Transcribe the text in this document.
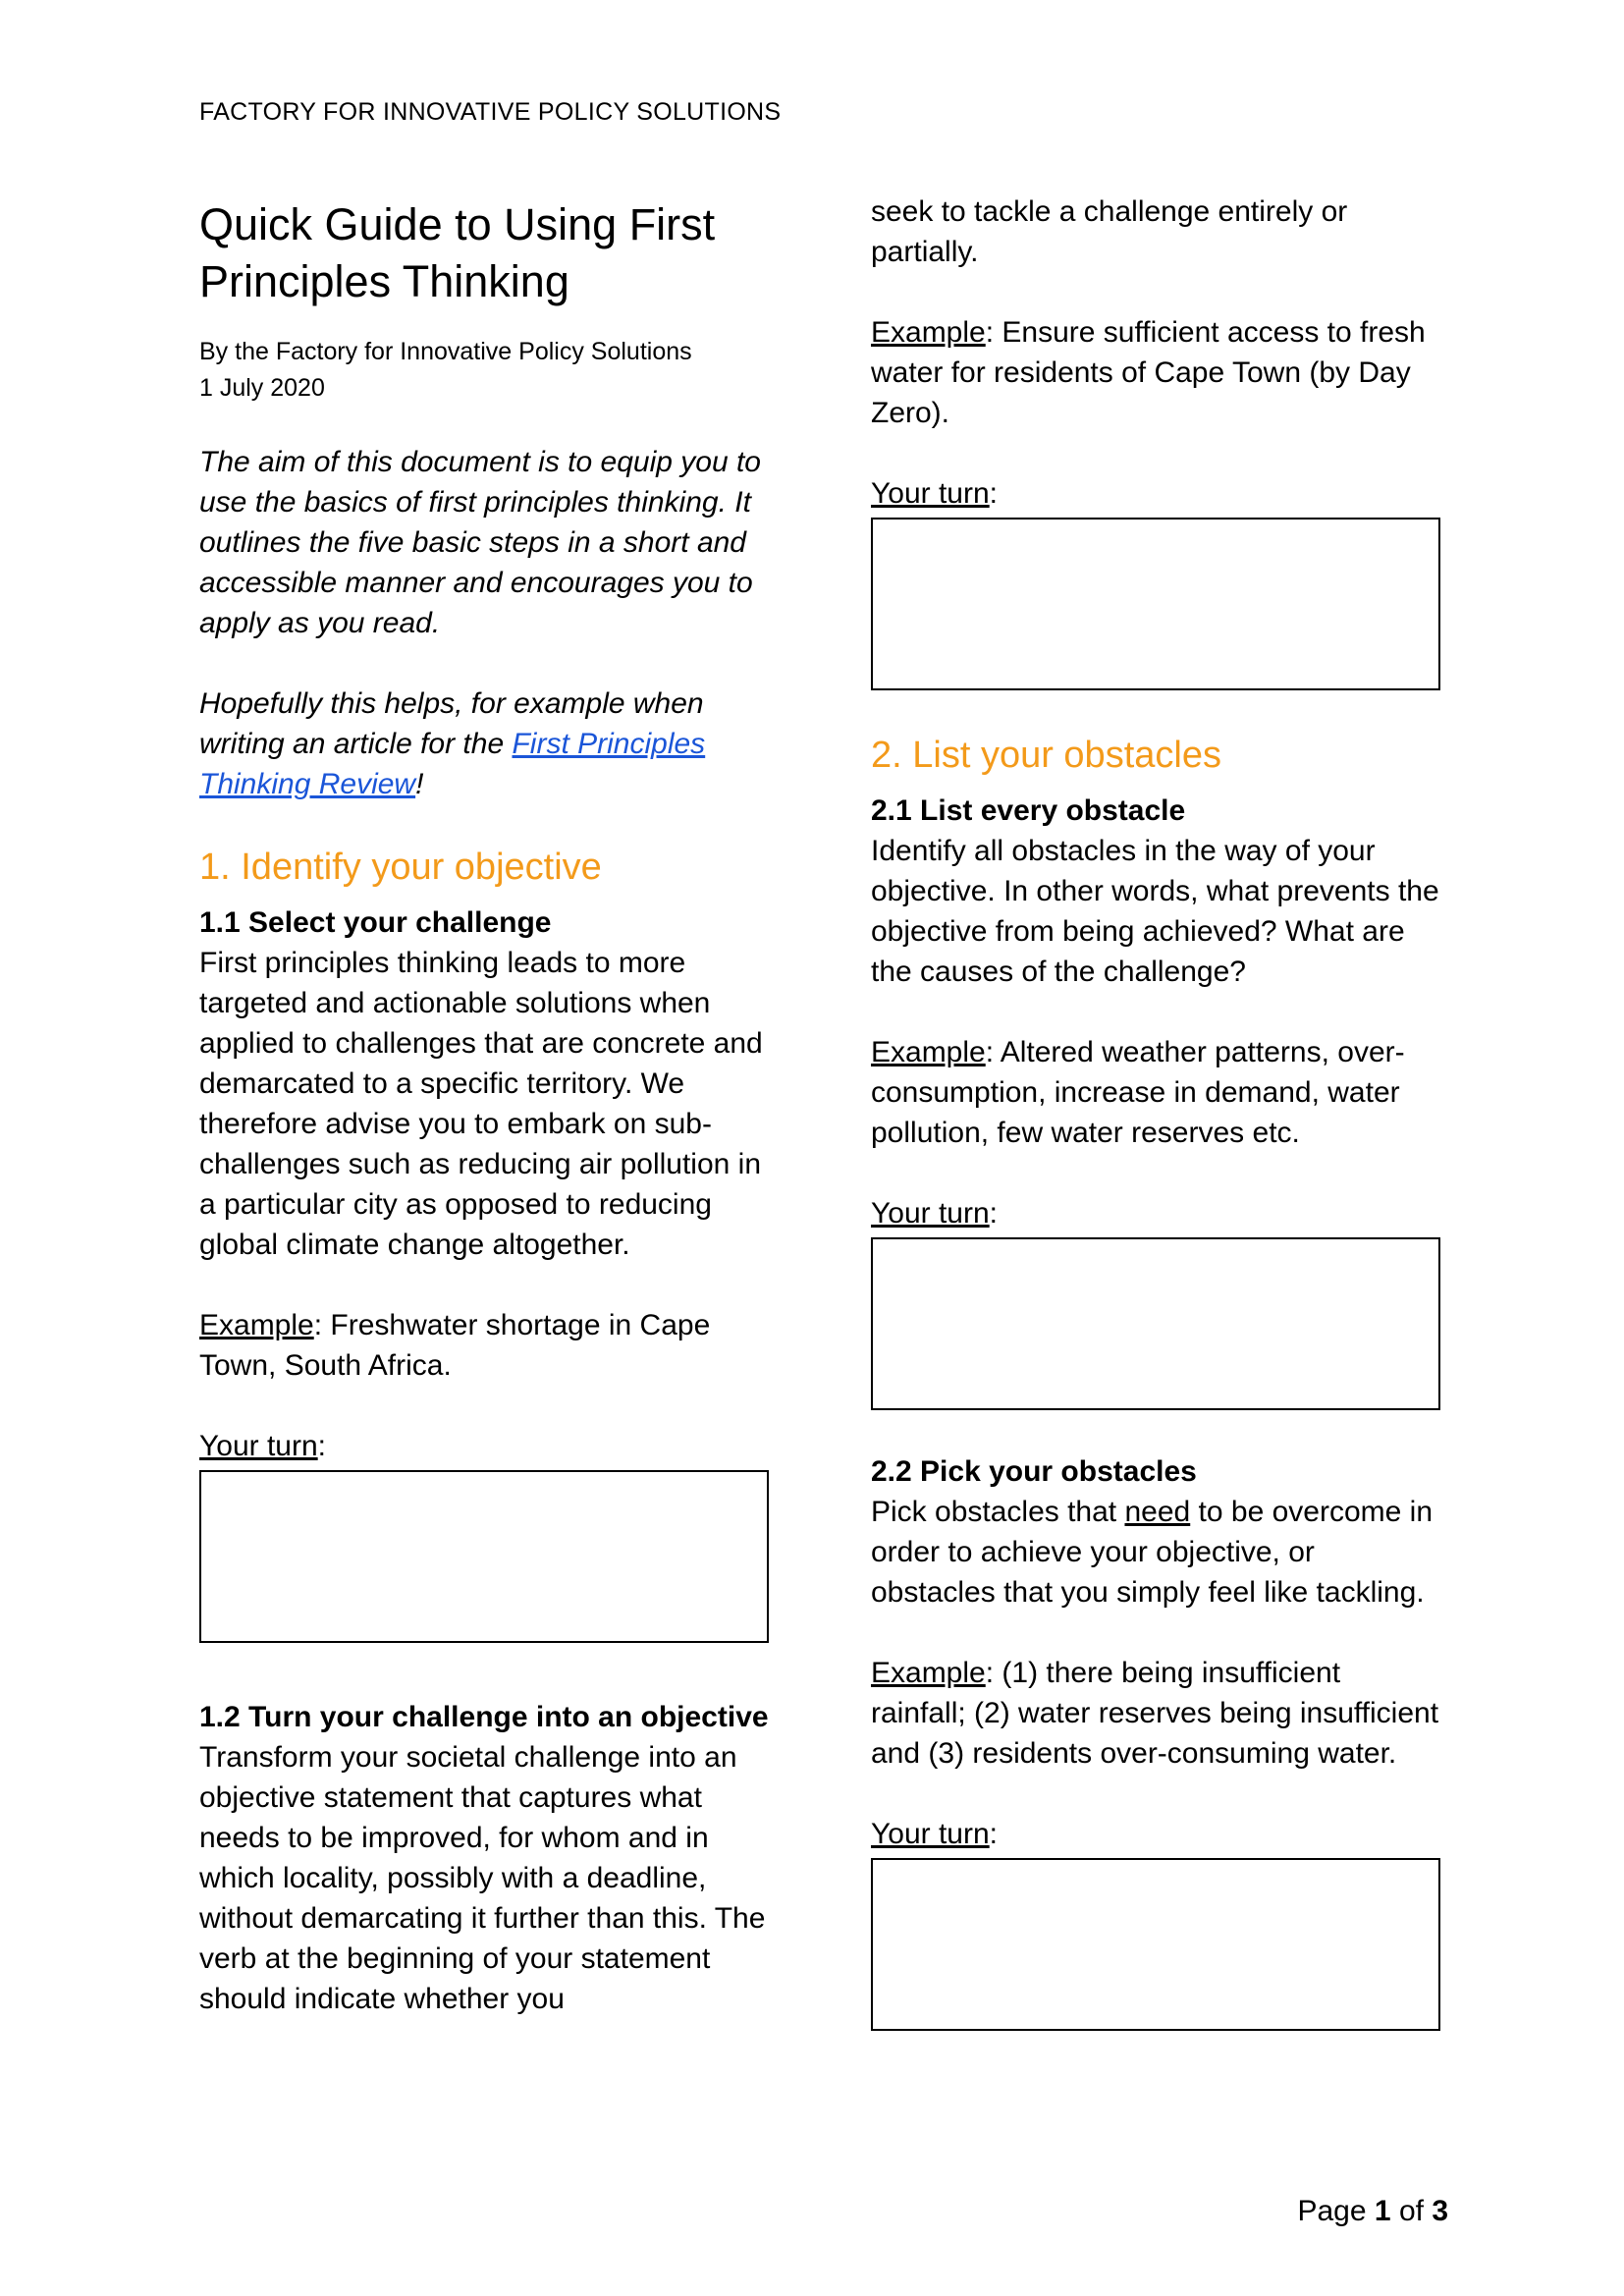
FACTORY FOR INNOVATIVE POLICY SOLUTIONS
Quick Guide to Using First Principles Thinking
By the Factory for Innovative Policy Solutions
1 July 2020

The aim of this document is to equip you to use the basics of first principles thinking. It outlines the five basic steps in a short and accessible manner and encourages you to apply as you read.

Hopefully this helps, for example when writing an article for the First Principles Thinking Review!

1. Identify your objective
1.1 Select your challenge

First principles thinking leads to more targeted and actionable solutions when applied to challenges that are concrete and demarcated to a specific territory. We therefore advise you to embark on sub-challenges such as reducing air pollution in a particular city as opposed to reducing global climate change altogether.

Example: Freshwater shortage in Cape Town, South Africa.

Your turn:

1.2 Turn your challenge into an objective

Transform your societal challenge into an objective statement that captures what needs to be improved, for whom and in which locality, possibly with a deadline, without demarcating it further than this. The verb at the beginning of your statement should indicate whether you

seek to tackle a challenge entirely or partially.

Example: Ensure sufficient access to fresh water for residents of Cape Town (by Day Zero).

Your turn:

2. List your obstacles
2.1 List every obstacle

Identify all obstacles in the way of your objective. In other words, what prevents the objective from being achieved? What are the causes of the challenge?

Example: Altered weather patterns, over-consumption, increase in demand, water pollution, few water reserves etc.

Your turn:

2.2 Pick your obstacles

Pick obstacles that need to be overcome in order to achieve your objective, or obstacles that you simply feel like tackling.

Example: (1) there being insufficient rainfall; (2) water reserves being insufficient and (3) residents over-consuming water.

Your turn:

Page 1 of 3
